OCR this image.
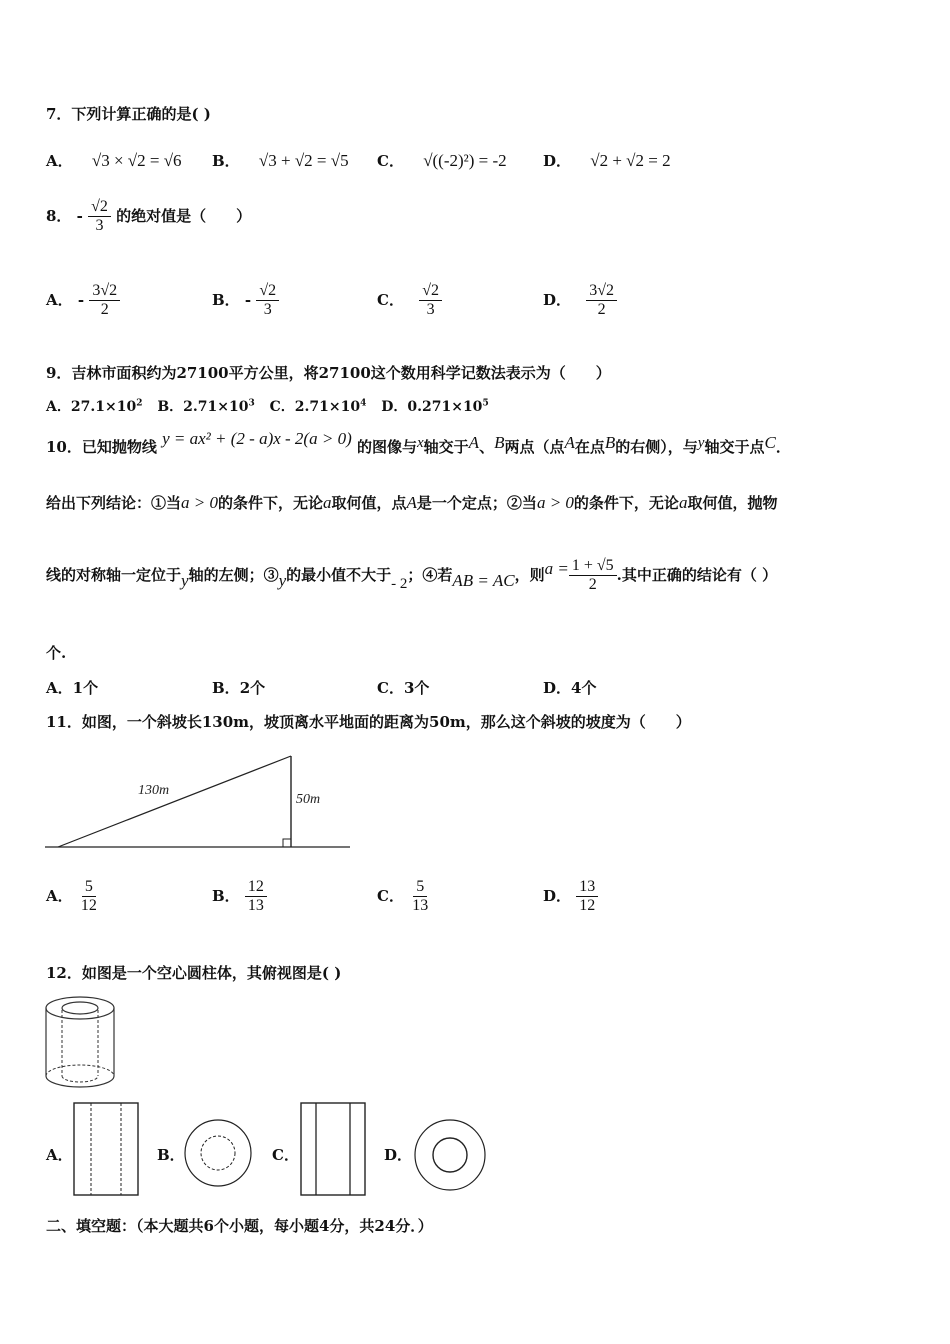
7．下列计算正确的是( )
A． √3 × √2 = √6 B． √3 + √2 = √5 C． √((-2)²) = -2 D． √2 + √2 = 2
8． - $\frac{√2}{3}$ 的绝对值是（　　）
A． - $\frac{3√2}{2}$	B． - $\frac{√2}{3}$	C． $\frac{√2}{3}$	D． $\frac{3√2}{2}$
9．吉林市面积约为27100平方公里，将27100这个数用科学记数法表示为（　　）
A．$27.1\times 10^2$ B．$2.71\times 10^3$ C．$2.71\times 10^4$ D．$0.271\times 10^5$
10．已知抛物线 y = ax² + (2 - a)x - 2(a > 0) 的图像与x轴交于A、B两点（点A在点B的右侧），与y轴交于点C．
给出下列结论：①当a > 0的条件下，无论a取何值，点A是一个定点；②当a > 0的条件下，无论a取何值，抛物
线的对称轴一定位于y轴的左侧；③y的最小值不大于- 2；④若AB = AC，则$a = \frac{1 + √5}{2}$ .其中正确的结论有（ ）
个.
A．1个	B．2个	C．3个	D．4个
11．如图，一个斜坡长130m，坡顶离水平地面的距离为50m，那么这个斜坡的坡度为（　　）
130m
50m
A． $\frac{5}{12}$	B． $\frac{12}{13}$	C． $\frac{5}{13}$	D． $\frac{13}{12}$
12．如图是一个空心圆柱体，其俯视图是( )
A．	B．	C．	D．
二、填空题：（本大题共6个小题，每小题4分，共24分．）
